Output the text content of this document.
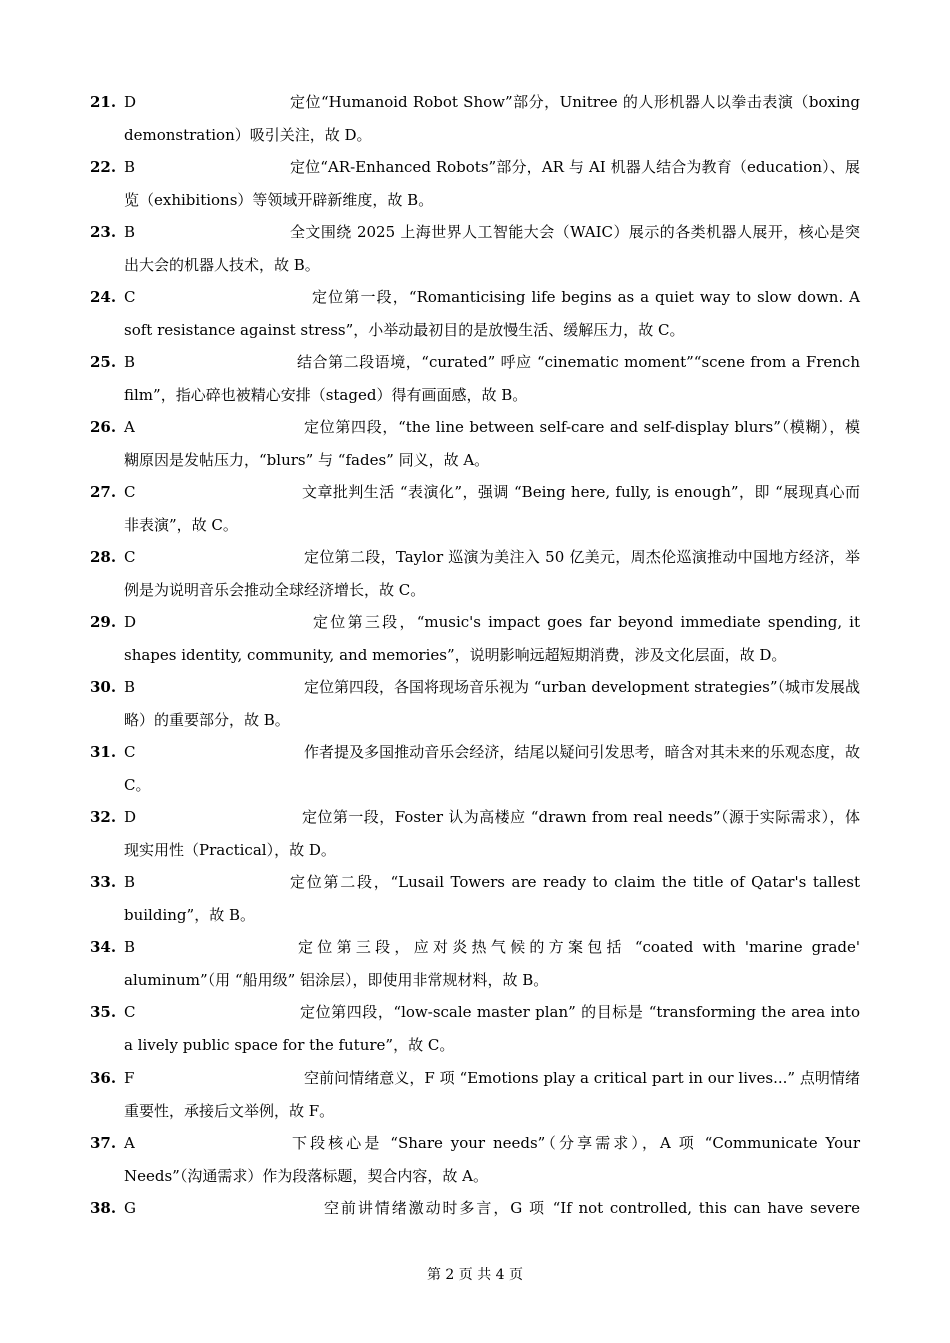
21. D	定位“Humanoid Robot Show”部分，Unitree 的人形机器人以拳击表演（boxing demonstration）吸引关注，故 D。
22. B	定位“AR-Enhanced Robots”部分，AR 与 AI 机器人结合为教育（education）、展览（exhibitions）等领域开辟新维度，故 B。
23. B	全文围绕 2025 上海世界人工智能大会（WAIC）展示的各类机器人展开，核心是突出大会的机器人技术，故 B。
24. C	定位第一段，“Romanticising life begins as a quiet way to slow down. A soft resistance against stress”，小举动最初目的是放慢生活、缓解压力，故 C。
25. B	结合第二段语境，“curated” 呼应 “cinematic moment”“scene from a French film”，指心碎也被精心安排（staged）得有画面感，故 B。
26. A	定位第四段，“the line between self-care and self-display blurs”（模糊），模糊原因是发帖压力，“blurs” 与 “fades” 同义，故 A。
27. C	文章批判生活 “表演化”，强调 “Being here, fully, is enough”，即 “展现真心而非表演”，故 C。
28. C	定位第二段，Taylor 巡演为美注入 50 亿美元，周杰伦巡演推动中国地方经济，举例是为说明音乐会推动全球经济增长，故 C。
29. D	定位第三段，“music's impact goes far beyond immediate spending, it shapes identity, community, and memories”，说明影响远超短期消费，涉及文化层面，故 D。
30. B	定位第四段，各国将现场音乐视为 “urban development strategies”（城市发展战略）的重要部分，故 B。
31. C	作者提及多国推动音乐会经济，结尾以疑问引发思考，暗含对其未来的乐观态度，故 C。
32. D	定位第一段，Foster 认为高楼应 “drawn from real needs”（源于实际需求），体现实用性（Practical），故 D。
33. B	定位第二段，“Lusail Towers are ready to claim the title of Qatar's tallest building”，故 B。
34. B	定位第三段，应对炎热气候的方案包括 “coated with 'marine grade' aluminum”（用 “船用级” 铝涂层），即使用非常规材料，故 B。
35. C	定位第四段，“low-scale master plan” 的目标是 “transforming the area into a lively public space for the future”，故 C。
36. F	空前问情绪意义，F 项 “Emotions play a critical part in our lives...” 点明情绪重要性，承接后文举例，故 F。
37. A	下段核心是 “Share your needs”（分享需求），A 项 “Communicate Your Needs”（沟通需求）作为段落标题，契合内容，故 A。
38. G	空前讲情绪激动时多言，G 项 “If not controlled, this can have severe
第 2 页 共 4 页
